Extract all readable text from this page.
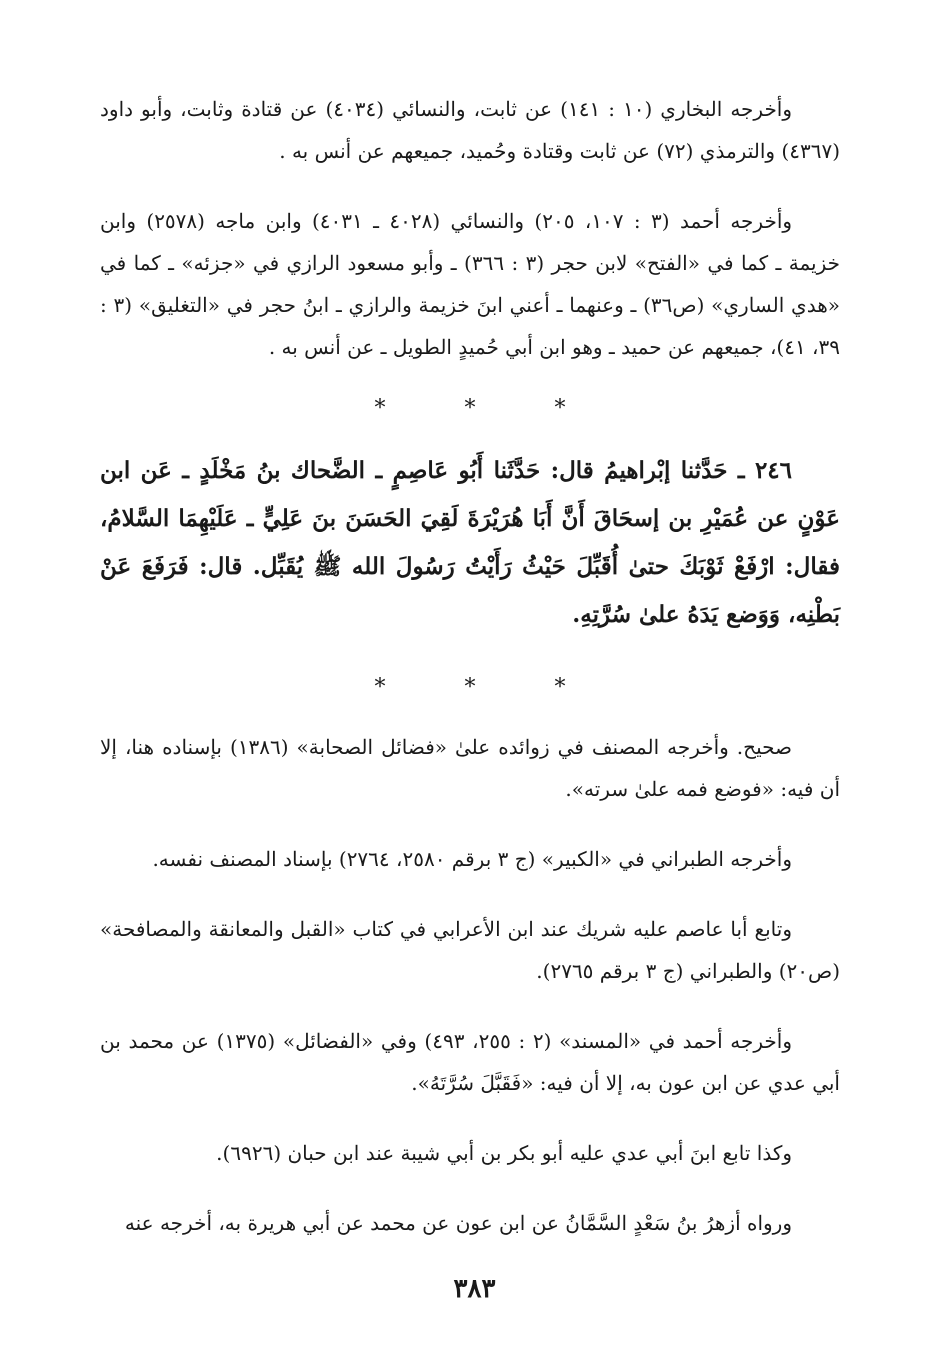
وأخرجه البخاري (١٠ : ١٤١) عن ثابت، والنسائي (٤٠٣٤) عن قتادة وثابت، وأبو داود (٤٣٦٧) والترمذي (٧٢) عن ثابت وقتادة وحُميد، جميعهم عن أنس به .

وأخرجه أحمد (٣ : ١٠٧، ٢٠٥) والنسائي (٤٠٢٨ ـ ٤٠٣١) وابن ماجه (٢٥٧٨) وابن خزيمة ـ كما في «الفتح» لابن حجر (٣ : ٣٦٦) ـ وأبو مسعود الرازي في «جزئه» ـ كما في «هدي الساري» (ص٣٦) ـ وعنهما ـ أعني ابنَ خزيمة والرازي ـ ابنُ حجر في «التغليق» (٣ : ٣٩، ٤١)، جميعهم عن حميد ـ وهو ابن أبي حُميدٍ الطويل ـ عن أنس به .

* * *

٢٤٦ ـ حَدَّثنا إبْراهيمُ قال: حَدَّثَنا أَبُو عَاصِمٍ ـ الضَّحاك بنُ مَخْلَدٍ ـ عَن ابن عَوْنٍ عن عُمَيْرِ بن إسحَاقَ أَنَّ أَبَا هُرَيْرَةَ لَقِيَ الحَسَنَ بنَ عَلِيٍّ ـ عَلَيْهِمَا السَّلامُ، فقال: ارْفَعْ ثَوْبَكَ حتىٰ أُقَبِّلَ حَيْثُ رَأَيْتُ رَسُولَ الله ﷺ يُقَبِّل. قال: فَرَفَعَ عَنْ بَطْنِه، وَوَضع يَدَهُ علىٰ سُرَّتِهِ.

* * *

صحيح. وأخرجه المصنف في زوائده علىٰ «فضائل الصحابة» (١٣٨٦) بإسناده هنا، إلا أن فيه: «فوضع فمه علىٰ سرته».

وأخرجه الطبراني في «الكبير» (ج ٣ برقم ٢٥٨٠، ٢٧٦٤) بإسناد المصنف نفسه.

وتابع أبا عاصم عليه شريك عند ابن الأعرابي في كتاب «القبل والمعانقة والمصافحة» (ص٢٠) والطبراني (ج ٣ برقم ٢٧٦٥).

وأخرجه أحمد في «المسند» (٢ : ٢٥٥، ٤٩٣) وفي «الفضائل» (١٣٧٥) عن محمد بن أبي عدي عن ابن عون به، إلا أن فيه: «فَقَبَّلَ سُرَّتَهُ».

وكذا تابع ابنَ أبي عدي عليه أبو بكر بن أبي شيبة عند ابن حبان (٦٩٢٦).

ورواه أزهرُ بنُ سَعْدٍ السَّمَّانُ عن ابن عون عن محمد عن أبي هريرة به، أخرجه عنه

٣٨٣
